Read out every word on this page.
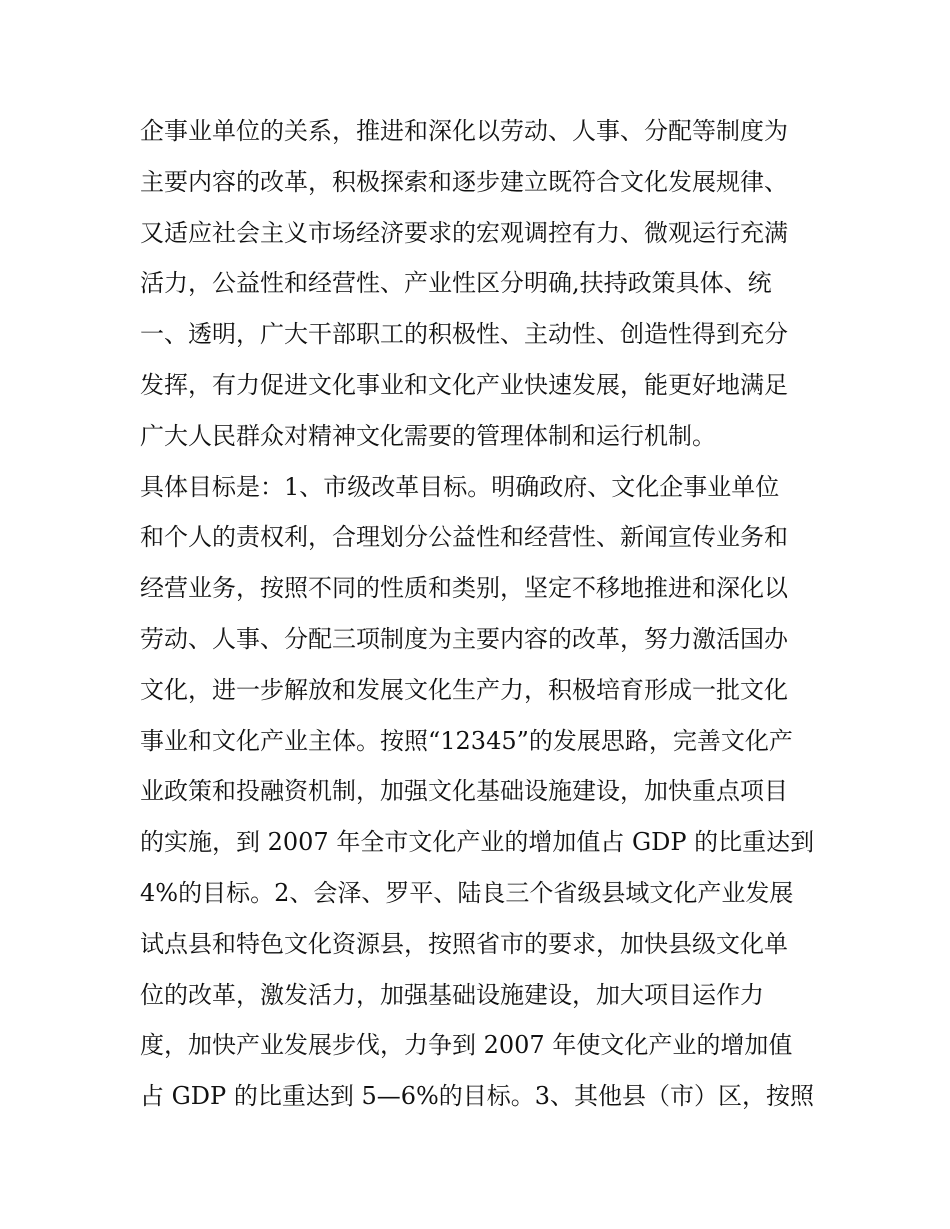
企事业单位的关系，推进和深化以劳动、人事、分配等制度为
主要内容的改革，积极探索和逐步建立既符合文化发展规律、
又适应社会主义市场经济要求的宏观调控有力、微观运行充满
活力，公益性和经营性、产业性区分明确,扶持政策具体、统
一、透明，广大干部职工的积极性、主动性、创造性得到充分
发挥，有力促进文化事业和文化产业快速发展，能更好地满足
广大人民群众对精神文化需要的管理体制和运行机制。
具体目标是：1、市级改革目标。明确政府、文化企事业单位
和个人的责权利，合理划分公益性和经营性、新闻宣传业务和
经营业务，按照不同的性质和类别，坚定不移地推进和深化以
劳动、人事、分配三项制度为主要内容的改革，努力激活国办
文化，进一步解放和发展文化生产力，积极培育形成一批文化
事业和文化产业主体。按照“12345”的发展思路，完善文化产
业政策和投融资机制，加强文化基础设施建设，加快重点项目
的实施，到 2007 年全市文化产业的增加值占 GDP 的比重达到
4%的目标。2、会泽、罗平、陆良三个省级县域文化产业发展
试点县和特色文化资源县，按照省市的要求，加快县级文化单
位的改革，激发活力，加强基础设施建设，加大项目运作力
度，加快产业发展步伐，力争到 2007 年使文化产业的增加值
占 GDP 的比重达到 5—6%的目标。3、其他县（市）区，按照
